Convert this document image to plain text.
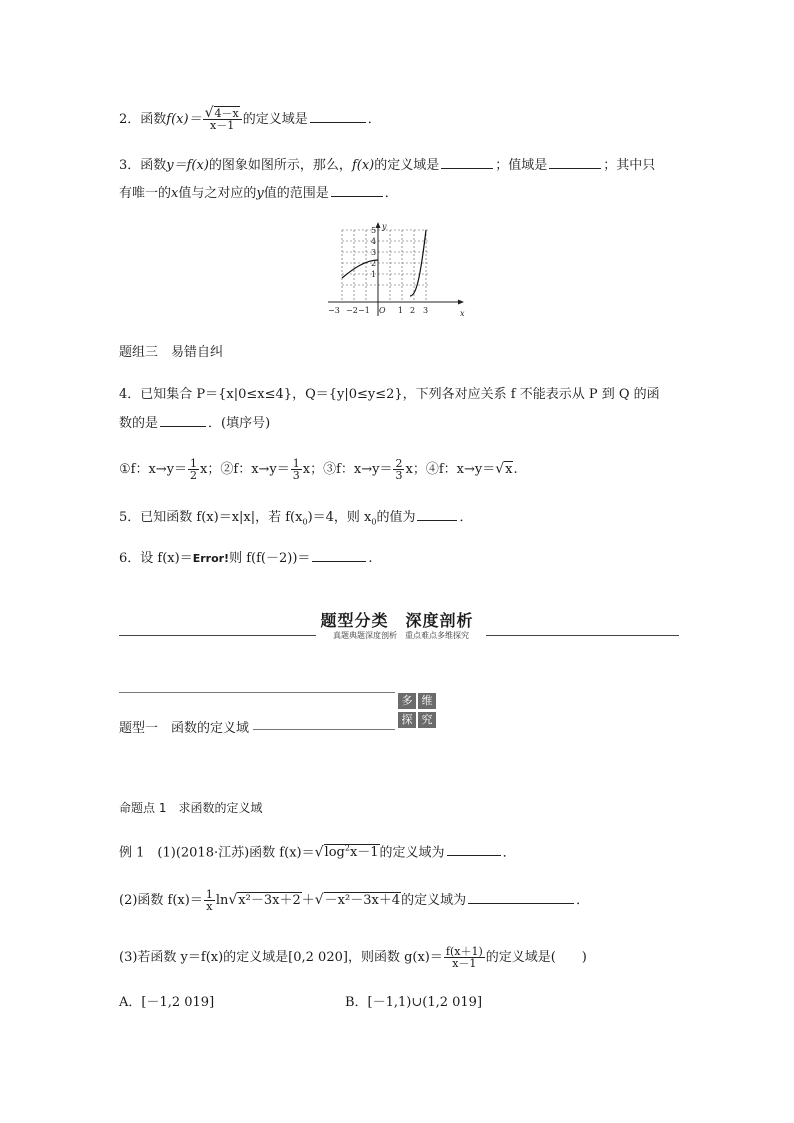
2．函数$f(x)= \frac{√4-x}{x-1}$ 的定义域是	．
3．函数y＝f(x)的图象如图所示，那么，f(x)的定义域是	；值域是	；其中只
有唯一的x值与之对应的y值的范围是	．
y
x
5
4
3
2
1
−3 −2 −1 O 1 2 3
题组三　易错自纠
4．已知集合 P＝{x|0≤x≤4}，Q＝{y|0≤y≤2}，下列各对应关系 f 不能表示从 P 到 Q 的函
数的是	．(填序号)
①f：$x\to y= \frac{1}{2}$ x；②f：$x\to y= \frac{1}{3}$ x；③f：$x\to y= \frac{2}{3}$ x；④f：x→y＝√x.
5．已知函数 f(x)＝x|x|，若 $f(x_0)=4$，则 $x_0$的值为	．
6．设 f(x)＝Error!则 f(f(－2))＝	.
题型分类　深度剖析
真题典题深度剖析　重点难点多维探究
题型一　函数的定义域
多 维
探 究
命题点 1　求函数的定义域
例 1　(1)(2018·江苏)函数 $f(x)=√\log^2x-1$的定义域为	．
(2)函数 $f(x)= \frac{1}{x} \ln√x^2-3x+2+√-x^2-3x+4$的定义域为	．
(3)若函数 y＝f(x)的定义域是[0,2 020]，则函数 $g(x)= \frac{f(x+1)}{x-1}$ 的定义域是(　　)
A．[－1,2 019]	B．[－1,1)∪(1,2 019]
